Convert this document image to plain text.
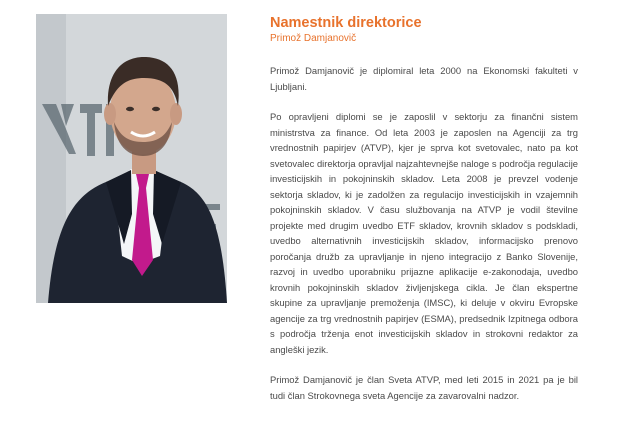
Namestnik direktorice

Primož Damjanovič

Primož Damjanovič je diplomiral leta 2000 na Ekonomski fakulteti v Ljubljani.

Po opravljeni diplomi se je zaposlil v sektorju za finančni sistem ministrstva za finance. Od leta 2003 je zaposlen na Agenciji za trg vrednostnih papirjev (ATVP), kjer je sprva kot svetovalec, nato pa kot svetovalec direktorja opravljal najzahtevnejše naloge s področja regulacije investicijskih in pokojninskih skladov. Leta 2008 je prevzel vodenje sektorja skladov, ki je zadolžen za regulacijo investicijskih in vzajemnih pokojninskih skladov. V času službovanja na ATVP je vodil številne projekte med drugim uvedbo ETF skladov, krovnih skladov s podskladi, uvedbo alternativnih investicijskih skladov, informacijsko prenovo poročanja družb za upravljanje in njeno integracijo z Banko Slovenije, razvoj in uvedbo uporabniku prijazne aplikacije e-zakonodaja, uvedbo krovnih pokojninskih skladov življenjskega cikla. Je član ekspertne skupine za upravljanje premoženja (IMSC), ki deluje v okviru Evropske agencije za trg vrednostnih papirjev (ESMA), predsednik Izpitnega odbora s področja trženja enot investicijskih skladov in strokovni redaktor za angleški jezik.

Primož Damjanovič je član Sveta ATVP, med leti 2015 in 2021 pa je bil tudi član Strokovnega sveta Agencije za zavarovalni nadzor.
